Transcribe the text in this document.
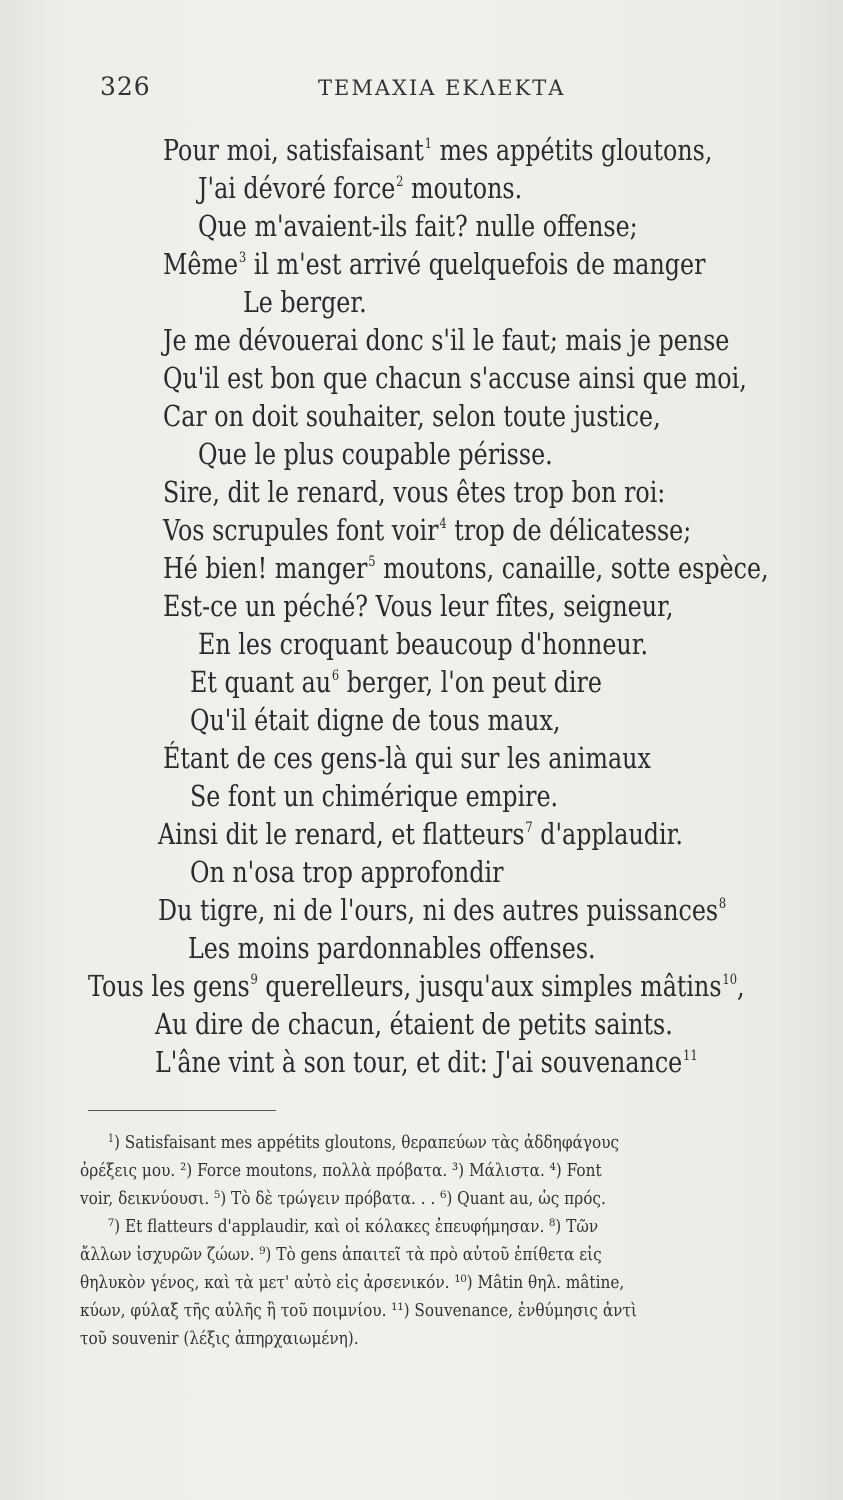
326	ΤΕΜΑΧΙΑ ΕΚΛΕΚΤΑ
Pour moi, satisfaisant$^1$ mes appétits gloutons,
J'ai dévoré force$^2$ moutons.
Que m'avaient-ils fait? nulle offense;
Même$^3$ il m'est arrivé quelquefois de manger
Le berger.
Je me dévouerai donc s'il le faut; mais je pense
Qu'il est bon que chacun s'accuse ainsi que moi,
Car on doit souhaiter, selon toute justice,
Que le plus coupable périsse.
Sire, dit le renard, vous êtes trop bon roi:
Vos scrupules font voir$^4$ trop de délicatesse;
Hé bien! manger$^5$ moutons, canaille, sotte espèce,
Est-ce un péché? Vous leur fîtes, seigneur,
En les croquant beaucoup d'honneur.
Et quant $au^6$ berger, l'on peut dire
Qu'il était digne de tous maux,
Étant de ces gens-là qui sur les animaux
Se font un chimérique empire.
Ainsi dit le renard, et flatteurs$^7$ d'applaudir.
On n'osa trop approfondir
Du tigre, ni de l'ours, ni des autres puissances$^8$
Les moins pardonnables offenses.
Tous les gens$^9$ querelleurs, jusqu'aux simples mâtins$^{10}$,
Au dire de chacun, étaient de petits saints.
L'âne vint à son tour, et dit: J'ai souvenance$^{11}$
$^1$) Satisfaisant mes appétits gloutons, θεραπεύων τὰς ἀδδηφάγους
ὀρέξεις μου. ²) Force moutons, πολλὰ πρόβατα. ³) Μάλιστα. ⁴) Font
voir, δεικνύουσι. ⁵) Τὸ δὲ τρώγειν πρόβατα. . . ⁶) Quant au, ὡς πρός.
⁷) Et flatteurs d'applaudir, καὶ οἱ κόλακες ἐπευφήμησαν. ⁸) Τῶν
ἄλλων ἰσχυρῶν ζώων. ⁹) Τὸ gens ἀπαιτεῖ τὰ πρὸ αὐτοῦ ἐπίθετα εἰς
θηλυκὸν γένος, καὶ τὰ μετ' αὐτὸ εἰς ἀρσενικόν. ¹⁰) Mâtin θηλ. mâtine,
κύων, φύλαξ τῆς αὐλῆς ἢ τοῦ ποιμνίου. ¹¹) Souvenance, ἐνθύμησις ἀντὶ
τοῦ souvenir (λέξις ἀπηρχαιωμένη).
